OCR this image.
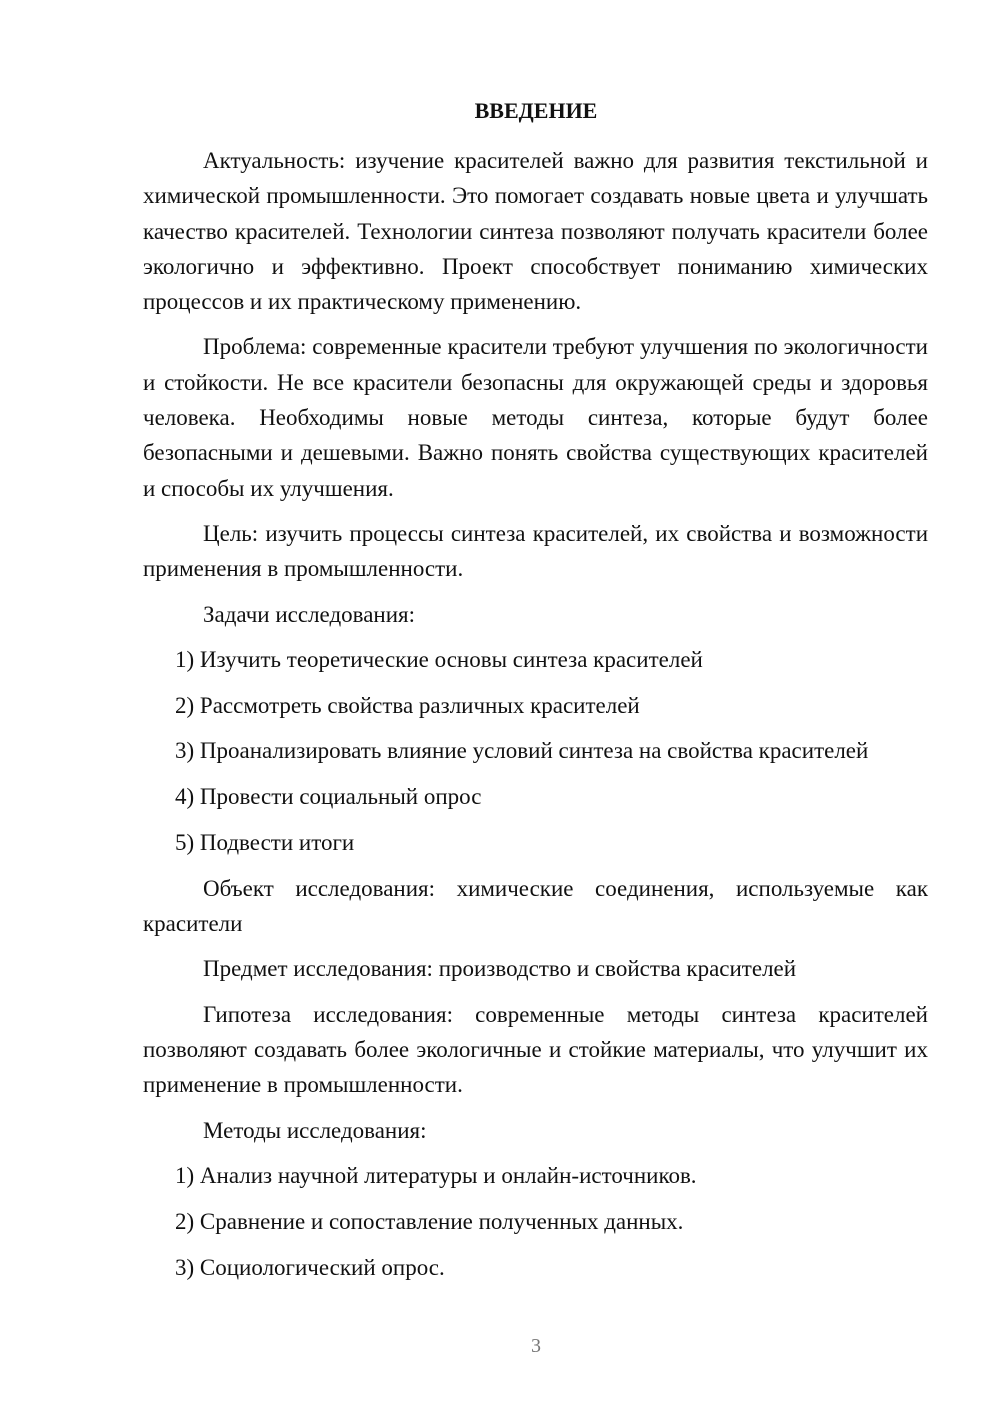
ВВЕДЕНИЕ

Актуальность: изучение красителей важно для развития текстильной и химической промышленности. Это помогает создавать новые цвета и улучшать качество красителей. Технологии синтеза позволяют получать красители более экологично и эффективно. Проект способствует пониманию химических процессов и их практическому применению.

Проблема: современные красители требуют улучшения по экологичности и стойкости. Не все красители безопасны для окружающей среды и здоровья человека. Необходимы новые методы синтеза, которые будут более безопасными и дешевыми. Важно понять свойства существующих красителей и способы их улучшения.

Цель: изучить процессы синтеза красителей, их свойства и возможности применения в промышленности.

Задачи исследования:

1) Изучить теоретические основы синтеза красителей
2) Рассмотреть свойства различных красителей
3) Проанализировать влияние условий синтеза на свойства красителей
4) Провести социальный опрос
5) Подвести итоги

Объект исследования: химические соединения, используемые как красители

Предмет исследования: производство и свойства красителей

Гипотеза исследования: современные методы синтеза красителей позволяют создавать более экологичные и стойкие материалы, что улучшит их применение в промышленности.

Методы исследования:

1) Анализ научной литературы и онлайн-источников.
2) Сравнение и сопоставление полученных данных.
3) Социологический опрос.
3
